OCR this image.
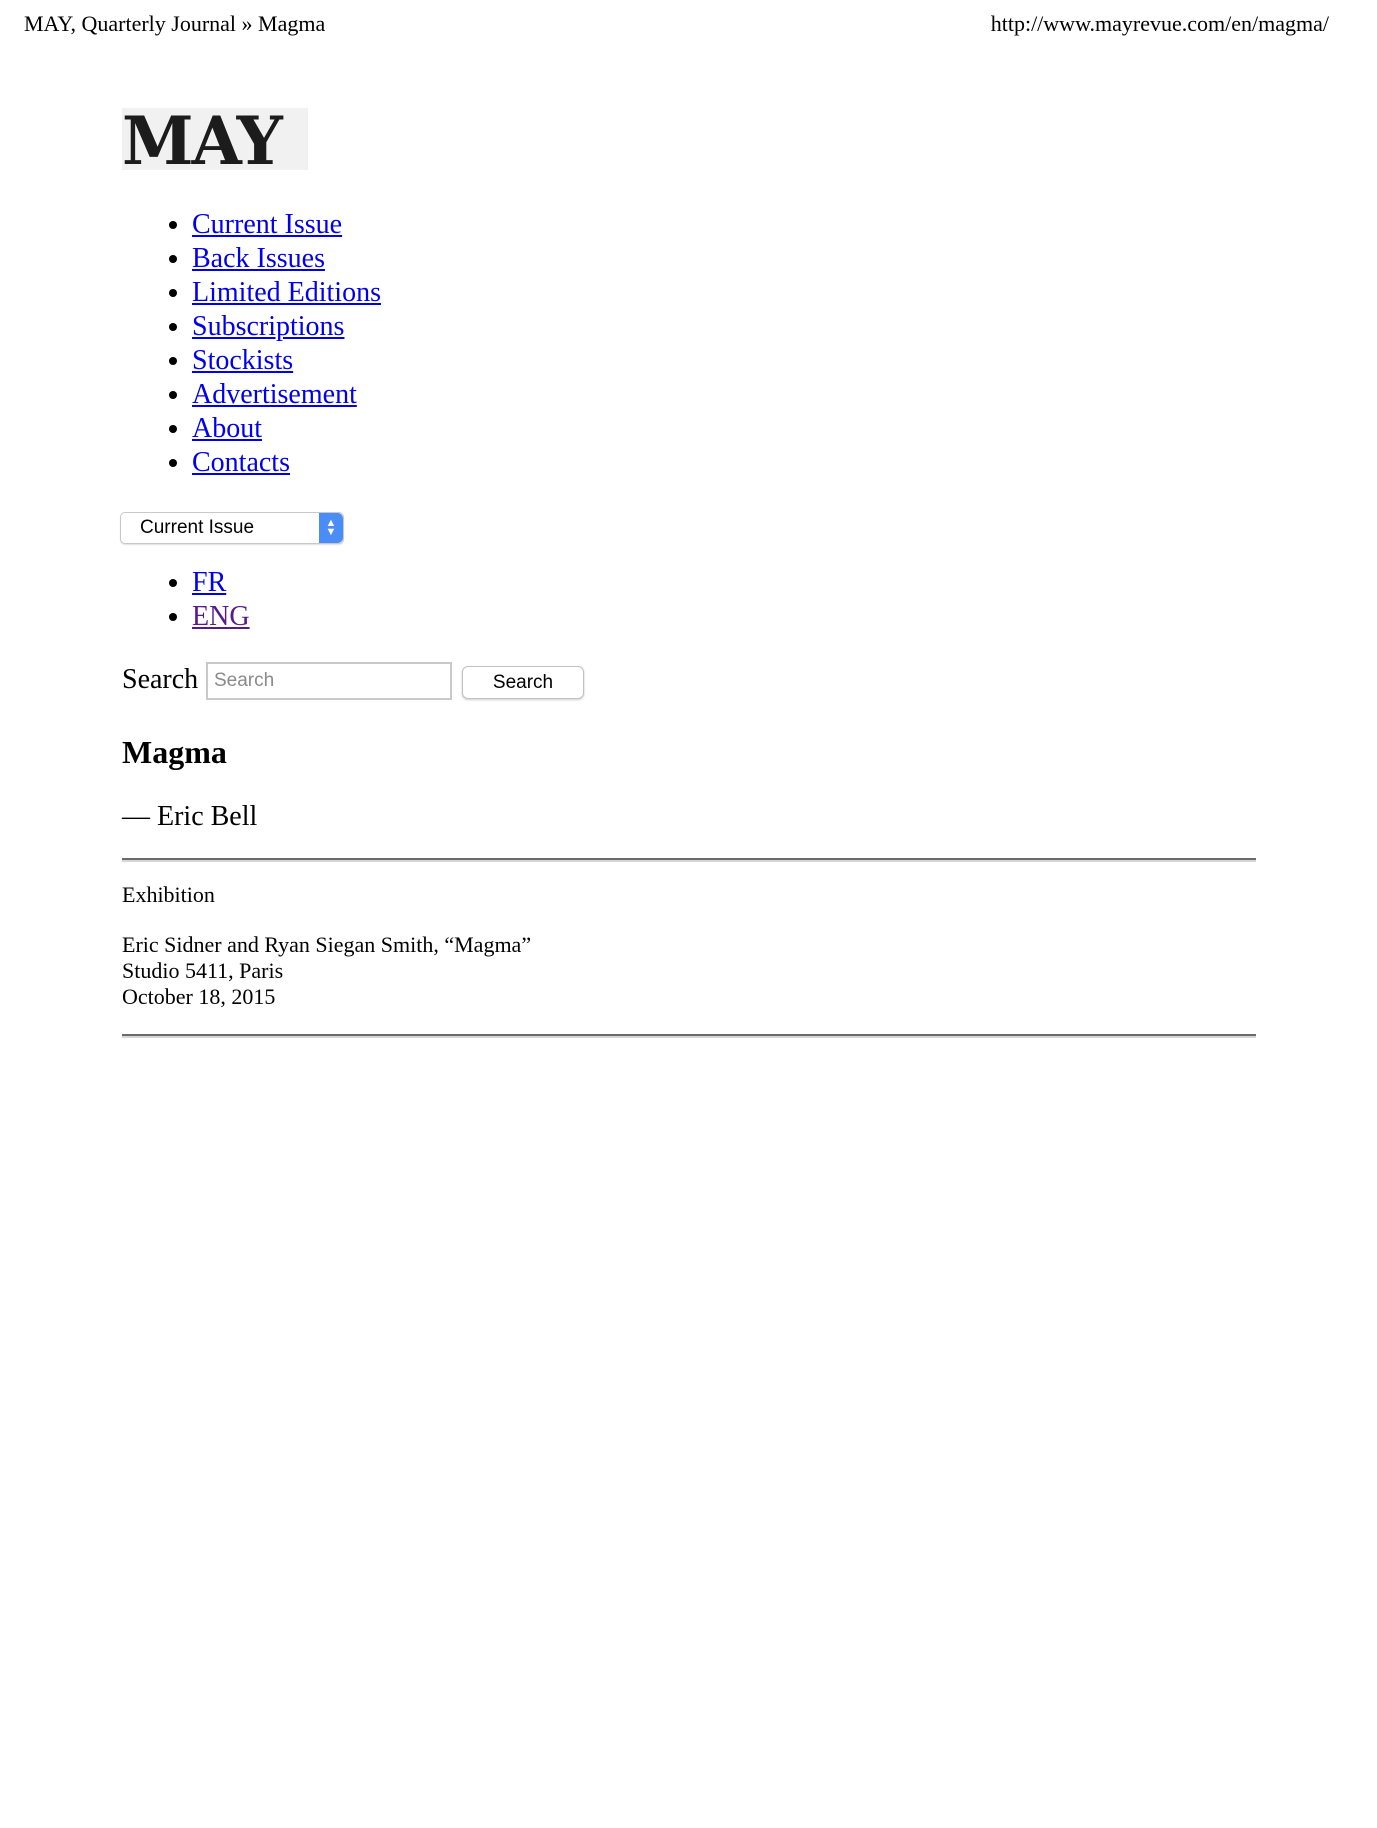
MAY, Quarterly Journal » Magma	http://www.mayrevue.com/en/magma/
MAY
• Current Issue
• Back Issues
• Limited Editions
• Subscriptions
• Stockists
• Advertisement
• About
• Contacts
Current Issue	▲
▼
• FR
• ENG
Search
Search	Search
Magma
— Eric Bell
Exhibition
Eric Sidner and Ryan Siegan Smith, “Magma”
Studio 5411, Paris
October 18, 2015
